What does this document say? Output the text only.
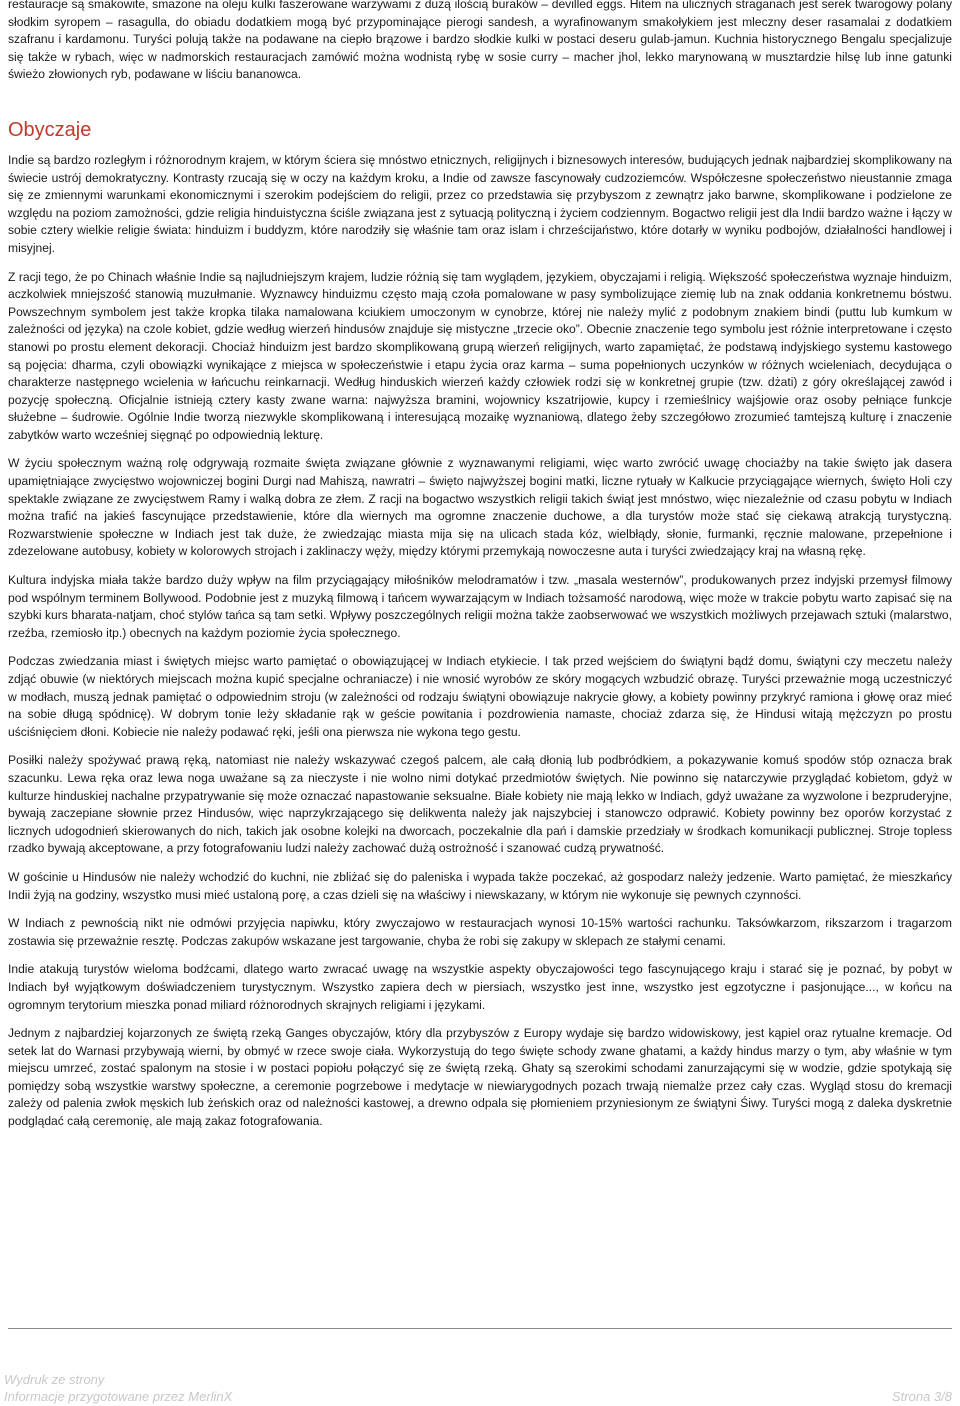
restauracje są smakowite, smażone na oleju kulki faszerowane warzywami z dużą ilością buraków – devilled eggs. Hitem na ulicznych straganach jest serek twarogowy polany słodkim syropem – rasagulla, do obiadu dodatkiem mogą być przypominające pierogi sandesh, a wyrafinowanym smakołykiem jest mleczny deser rasamalai z dodatkiem szafranu i kardamonu. Turyści polują także na podawane na ciepło brązowe i bardzo słodkie kulki w postaci deseru gulab-jamun. Kuchnia historycznego Bengalu specjalizuje się także w rybach, więc w nadmorskich restauracjach zamówić można wodnistą rybę w sosie curry – macher jhol, lekko marynowaną w musztardzie hilsę lub inne gatunki świeżo złowionych ryb, podawane w liściu bananowca.

Obyczaje

Indie są bardzo rozległym i różnorodnym krajem, w którym ściera się mnóstwo etnicznych, religijnych i biznesowych interesów, budujących jednak najbardziej skomplikowany na świecie ustrój demokratyczny. Kontrasty rzucają się w oczy na każdym kroku, a Indie od zawsze fascynowały cudzoziemców. Współczesne społeczeństwo nieustannie zmaga się ze zmiennymi warunkami ekonomicznymi i szerokim podejściem do religii, przez co przedstawia się przybyszom z zewnątrz jako barwne, skomplikowane i podzielone ze względu na poziom zamożności, gdzie religia hinduistyczna ściśle związana jest z sytuacją polityczną i życiem codziennym. Bogactwo religii jest dla Indii bardzo ważne i łączy w sobie cztery wielkie religie świata: hinduizm i buddyzm, które narodziły się właśnie tam oraz islam i chrześcijaństwo, które dotarły w wyniku podbojów, działalności handlowej i misyjnej.

Z racji tego, że po Chinach właśnie Indie są najludniejszym krajem, ludzie różnią się tam wyglądem, językiem, obyczajami i religią. Większość społeczeństwa wyznaje hinduizm, aczkolwiek mniejszość stanowią muzułmanie. Wyznawcy hinduizmu często mają czoła pomalowane w pasy symbolizujące ziemię lub na znak oddania konkretnemu bóstwu. Powszechnym symbolem jest także kropka tilaka namalowana kciukiem umoczonym w cynobrze, której nie należy mylić z podobnym znakiem bindi (puttu lub kumkum w zależności od języka) na czole kobiet, gdzie według wierzeń hindusów znajduje się mistyczne „trzecie oko”. Obecnie znaczenie tego symbolu jest różnie interpretowane i często stanowi po prostu element dekoracji. Chociaż hinduizm jest bardzo skomplikowaną grupą wierzeń religijnych, warto zapamiętać, że podstawą indyjskiego systemu kastowego są pojęcia: dharma, czyli obowiązki wynikające z miejsca w społeczeństwie i etapu życia oraz karma – suma popełnionych uczynków w różnych wcieleniach, decydująca o charakterze następnego wcielenia w łańcuchu reinkarnacji. Według hinduskich wierzeń każdy człowiek rodzi się w konkretnej grupie (tzw. dżati) z góry określającej zawód i pozycję społeczną. Oficjalnie istnieją cztery kasty zwane warna: najwyższa bramini, wojownicy kszatrijowie, kupcy i rzemieślnicy wajśjowie oraz osoby pełniące funkcje służebne – śudrowie. Ogólnie Indie tworzą niezwykle skomplikowaną i interesującą mozaikę wyznaniową, dlatego żeby szczegółowo zrozumieć tamtejszą kulturę i znaczenie zabytków warto wcześniej sięgnąć po odpowiednią lekturę.

W życiu społecznym ważną rolę odgrywają rozmaite święta związane głównie z wyznawanymi religiami, więc warto zwrócić uwagę chociażby na takie święto jak dasera upamiętniające zwycięstwo wojowniczej bogini Durgi nad Mahiszą, nawratri – święto najwyższej bogini matki, liczne rytuały w Kalkucie przyciągające wiernych, święto Holi czy spektakle związane ze zwycięstwem Ramy i walką dobra ze złem. Z racji na bogactwo wszystkich religii takich świąt jest mnóstwo, więc niezależnie od czasu pobytu w Indiach można trafić na jakieś fascynujące przedstawienie, które dla wiernych ma ogromne znaczenie duchowe, a dla turystów może stać się ciekawą atrakcją turystyczną. Rozwarstwienie społeczne w Indiach jest tak duże, że zwiedzając miasta mija się na ulicach stada kóz, wielbłądy, słonie, furmanki, ręcznie malowane, przepełnione i zdezelowane autobusy, kobiety w kolorowych strojach i zaklinaczy węży, między którymi przemykają nowoczesne auta i turyści zwiedzający kraj na własną rękę.

Kultura indyjska miała także bardzo duży wpływ na film przyciągający miłośników melodramatów i tzw. „masala westernów”, produkowanych przez indyjski przemysł filmowy pod wspólnym terminem Bollywood. Podobnie jest z muzyką filmową i tańcem wywarzającym w Indiach tożsamość narodową, więc może w trakcie pobytu warto zapisać się na szybki kurs bharata-natjam, choć stylów tańca są tam setki. Wpływy poszczególnych religii można także zaobserwować we wszystkich możliwych przejawach sztuki (malarstwo, rzeźba, rzemiosło itp.) obecnych na każdym poziomie życia społecznego.

Podczas zwiedzania miast i świętych miejsc warto pamiętać o obowiązującej w Indiach etykiecie. I tak przed wejściem do świątyni bądź domu, świątyni czy meczetu należy zdjąć obuwie (w niektórych miejscach można kupić specjalne ochraniacze) i nie wnosić wyrobów ze skóry mogących wzbudzić obrazę. Turyści przeważnie mogą uczestniczyć w modłach, muszą jednak pamiętać o odpowiednim stroju (w zależności od rodzaju świątyni obowiązuje nakrycie głowy, a kobiety powinny przykryć ramiona i głowę oraz mieć na sobie długą spódnicę). W dobrym tonie leży składanie rąk w geście powitania i pozdrowienia namaste, chociaż zdarza się, że Hindusi witają mężczyzn po prostu uściśnięciem dłoni. Kobiecie nie należy podawać ręki, jeśli ona pierwsza nie wykona tego gestu.

Posiłki należy spożywać prawą ręką, natomiast nie należy wskazywać czegoś palcem, ale całą dłonią lub podbródkiem, a pokazywanie komuś spodów stóp oznacza brak szacunku. Lewa ręka oraz lewa noga uważane są za nieczyste i nie wolno nimi dotykać przedmiotów świętych. Nie powinno się natarczywie przyglądać kobietom, gdyż w kulturze hinduskiej nachalne przypatrywanie się może oznaczać napastowanie seksualne. Białe kobiety nie mają lekko w Indiach, gdyż uważane za wyzwolone i bezpruderyjne, bywają zaczepiane słownie przez Hindusów, więc naprzykrzającego się delikwenta należy jak najszybciej i stanowczo odprawić. Kobiety powinny bez oporów korzystać z licznych udogodnień skierowanych do nich, takich jak osobne kolejki na dworcach, poczekalnie dla pań i damskie przedziały w środkach komunikacji publicznej. Stroje topless rzadko bywają akceptowane, a przy fotografowaniu ludzi należy zachować dużą ostrożność i szanować cudzą prywatność.

W gościnie u Hindusów nie należy wchodzić do kuchni, nie zbliżać się do paleniska i wypada także poczekać, aż gospodarz należy jedzenie. Warto pamiętać, że mieszkańcy Indii żyją na godziny, wszystko musi mieć ustaloną porę, a czas dzieli się na właściwy i niewskazany, w którym nie wykonuje się pewnych czynności.

W Indiach z pewnością nikt nie odmówi przyjęcia napiwku, który zwyczajowo w restauracjach wynosi 10-15% wartości rachunku. Taksówkarzom, rikszarzom i tragarzom zostawia się przeważnie resztę. Podczas zakupów wskazane jest targowanie, chyba że robi się zakupy w sklepach ze stałymi cenami.

Indie atakują turystów wieloma bodźcami, dlatego warto zwracać uwagę na wszystkie aspekty obyczajowości tego fascynującego kraju i starać się je poznać, by pobyt w Indiach był wyjątkowym doświadczeniem turystycznym. Wszystko zapiera dech w piersiach, wszystko jest inne, wszystko jest egzotyczne i pasjonujące..., w końcu na ogromnym terytorium mieszka ponad miliard różnorodnych skrajnych religiami i językami.

Jednym z najbardziej kojarzonych ze świętą rzeką Ganges obyczajów, który dla przybyszów z Europy wydaje się bardzo widowiskowy, jest kąpiel oraz rytualne kremacje. Od setek lat do Warnasi przybywają wierni, by obmyć w rzece swoje ciała. Wykorzystują do tego święte schody zwane ghatami, a każdy hindus marzy o tym, aby właśnie w tym miejscu umrzeć, zostać spalonym na stosie i w postaci popiołu połączyć się ze świętą rzeką. Ghaty są szerokimi schodami zanurzającymi się w wodzie, gdzie spotykają się pomiędzy sobą wszystkie warstwy społeczne, a ceremonie pogrzebowe i medytacje w niewiarygodnych pozach trwają niemalże przez cały czas. Wygląd stosu do kremacji zależy od palenia zwłok męskich lub żeńskich oraz od należności kastowej, a drewno odpala się płomieniem przyniesionym ze świątyni Śiwy. Turyści mogą z daleka dyskretnie podglądać całą ceremonię, ale mają zakaz fotografowania.

Wydruk ze strony
Informacje przygotowane przez MerlinX	Strona 3/8
